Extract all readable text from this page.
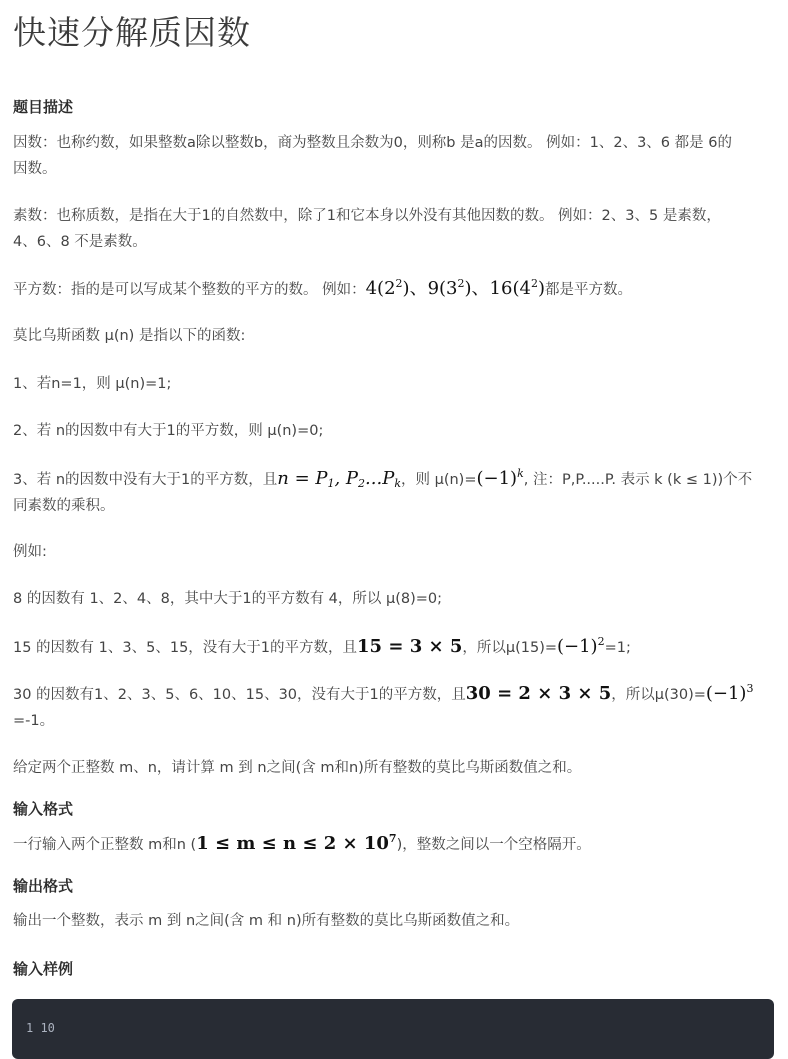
快速分解质因数
题目描述

因数：也称约数，如果整数a除以整数b，商为整数且余数为0，则称b 是a的因数。 例如：1、2、3、6 都是 6的

因数。

素数：也称质数，是指在大于1的自然数中，除了1和它本身以外没有其他因数的数。 例如：2、3、5 是素数，

4、6、8 不是素数。

平方数：指的是可以写成某个整数的平方的数。 例如：$4(2^2)$、$9(3^2)$、$16(4^2)$都是平方数。

莫比乌斯函数 μ(n) 是指以下的函数:

1、若n=1，则 μ(n)=1;

2、若 n的因数中有大于1的平方数，则 μ(n)=0;

3、若 n的因数中没有大于1的平方数，且$n = P_1$, $P_2...P_k$，则 $\mu(n)=(-1)^k$, 注：P,P.....P. 表示 k (k ≤ 1))个不

同素数的乘积。

例如:

8 的因数有 1、2、4、8，其中大于1的平方数有 4，所以 μ(8)=0;

15 的因数有 1、3、5、15，没有大于1的平方数，且15 = 3 × 5，所以$\mu(15)=(-1)^2=1$;

30 的因数有1、2、3、5、6、10、15、30，没有大于1的平方数，且30 = 2 × 3 × 5，所以$\mu(30)=(-1)^3$

=-1。

给定两个正整数 m、n，请计算 m 到 n之间(含 m和n)所有整数的莫比乌斯函数值之和。

输入格式

一行输入两个正整数 m和n $(1 \le m \le n \le 2 \times 10^7)$，整数之间以一个空格隔开。

输出格式

输出一个整数，表示 m 到 n之间(含 m 和 n)所有整数的莫比乌斯函数值之和。

输入样例
1 10
